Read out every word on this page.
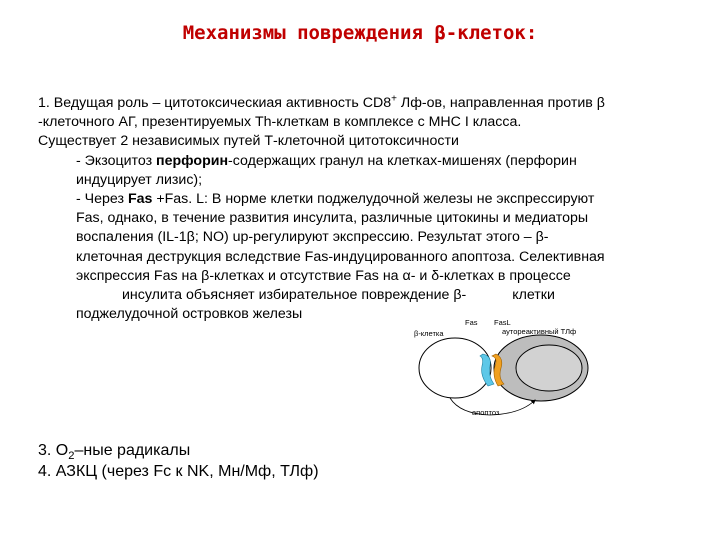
Механизмы повреждения β-клеток:
1. Ведущая роль – цитотоксическиая активность CD8+ Лф-ов, направленная против β
-клеточного АГ, презентируемых Th-клеткам в комплексе с MHC I класса.
Существует 2 независимых путей Т-клеточной цитотоксичности
- Экзоцитоз перфорин-содержащих гранул на клетках-мишенях (перфорин
индуцирует лизис);
- Через Fas +Fas. L: В норме клетки поджелудочной железы не экспрессируют
Fas, однако, в течение развития инсулита, различные цитокины и медиаторы
воспаления (IL-1β; NO) up-регулируют экспрессию. Результат этого – β-
клеточная деструкция вследствие Fas-индуцированного апоптоза. Селективная
экспрессия Fas на β-клетках и отсутствие Fas на α- и δ-клетках в процессе
инсулита объясняет избирательное повреждение β-	клетки
поджелудочной островков железы
Fas FasL
β-клетка	аутореактивный ТЛф
апоптоз
3. $O_2$–ные радикалы
4. АЗКЦ (через Fc к NK, Мн/Мф, ТЛф)
